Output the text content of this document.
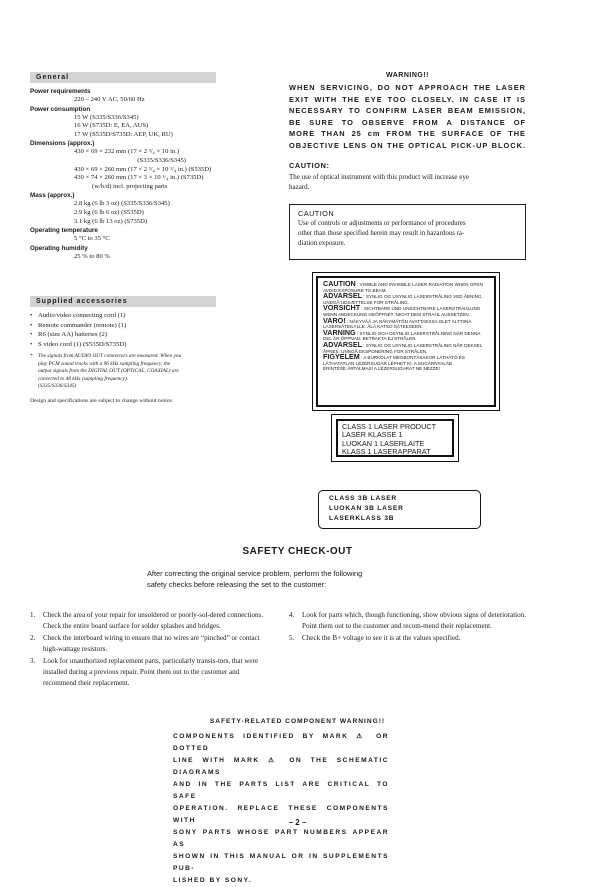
General
Power requirements
220 – 240 V AC, 50/60 Hz
Power consumption
15 W (S335/S336/S345)
16 W (S735D: E, EA, AUS)
17 W (S535D/S735D: AEP, UK, RU)
Dimensions (approx.)
430 × 69 × 232 mm (17 × 2 ³/₄ × 10 in.)
(S335/S336/S345)
430 × 69 × 260 mm (17 × 2 ³/₄ × 10 ¹/₄ in.) (S535D)
430 × 74 × 260 mm (17 × 3 × 10 ¹/₄ in.) (S735D)
(w/h/d) incl. projecting parts
Mass (approx.)
2.8 kg (6 lb 3 oz) (S335/S336/S345)
2.9 kg (6 lb 6 oz) (S535D)
3.1 kg (6 lb 13 oz) (S735D)
Operating temperature
5 °C to 35 °C
Operating humidity
25 % to 80 %
Supplied accessories
• Audio/video connecting cord (1)
• Remote commander (remote) (1)
• R6 (size AA) batteries (2)
• S video cord (1) (S535D/S735D)
* The signals from AUDIO OUT connectors are measured. When you
play PCM sound tracks with a 96 kHz sampling frequency, the
output signals from the DIGITAL OUT (OPTICAL, COAXIAL) are
converted to 48 kHz (sampling frequency).
(S335/S336/S345)
Design and specifications are subject to change without notice.
WARNING!!
WHEN SERVICING, DO NOT APPROACH THE LASER
EXIT WITH THE EYE TOO CLOSELY. IN CASE IT IS
NECESSARY TO CONFIRM LASER BEAM EMISSION,
BE SURE TO OBSERVE FROM A DISTANCE OF
MORE THAN 25 cm FROM THE SURFACE OF THE
OBJECTIVE LENS ON THE OPTICAL PICK-UP BLOCK.
CAUTION:
The use of optical instrument with this product will increase eye
hazard.
CAUTION
Use of controls or adjustments or performance of procedures
other than those specified herein may result in hazardous ra-
diation exposure.
CAUTION : VISIBLE AND INVISIBLE LASER RADIATION WHEN OPEN
AVOID EXPOSURE TO BEAM.
ADVARSEL : SYNLIG OG USYNLIG LASERSTRÅLING VED ÅBNING.
UNDGÅ UDSÆTTELSE FOR STRÅLING.
VORSICHT : SICHTBARE UND UNSICHTBARE LASERSTRAHLUNG
WENN ABDECKUNG GEÖFFNET. NICHT DEM STRAHL AUSSETZEN.
VARO! : NÄKYVÄÄ JA NÄKYMÄTÖN AVATTAESSA OLET ALTTIINA
LASERSÄTEILYLLE. ÄLÄ KATSO SÄTEESEEN.
VARNING : SYNLIG OCH OSYNLIG LASERSTRÅLNING NÄR DENNA
DEL ÄR ÖPPNAD. BETRAKTA EJ STRÅLEN.
ADVARSEL : SYNLIG OG USYNLIG LASERSTRÅLING NÅR DEKSEL
ÅPNES. UNNGÅ EKSPONERING FOR STRÅLEN.
FIGYELEM : A BURKOLAT MEGBONTÁSAKOR LÁTHATÓ ÉS
LÁTHATATLAN LÉZERSUGÁR LÉPHET KI. A SUGÁRNYALÁB
ÉRINTÉSE ÁRTALMAS! A LÉZERSUGARAT NE NÉZZE!
CLASS 1 LASER PRODUCT
LASER KLASSE 1
LUOKAN 1 LASERLAITE
KLASS 1 LASERAPPARAT
CLASS 3B LASER
LUOKAN 3B LASER
LASERKLASS 3B
SAFETY CHECK-OUT
After correcting the original service problem, perform the following
safety checks before releasing the set to the customer:
1. Check the area of your repair for unsoldered or poorly-sol-dered connections. Check the entire board surface for solder splashes and bridges.
2. Check the interboard wiring to ensure that no wires are “pinched” or contact high-wattage resistors.
3. Look for unauthorized replacement parts, particularly transis-tors, that were installed during a previous repair. Point them out to the customer and recommend their replacement.
4. Look for parts which, though functioning, show obvious signs of deterioration. Point them out to the customer and recom-mend their replacement.
5. Check the B+ voltage to see it is at the values specified.
SAFETY-RELATED COMPONENT WARNING!!
COMPONENTS IDENTIFIED BY MARK ⚠ OR DOTTED
LINE WITH MARK ⚠ ON THE SCHEMATIC DIAGRAMS
AND IN THE PARTS LIST ARE CRITICAL TO SAFE
OPERATION. REPLACE THESE COMPONENTS WITH
SONY PARTS WHOSE PART NUMBERS APPEAR AS
SHOWN IN THIS MANUAL OR IN SUPPLEMENTS PUB-
LISHED BY SONY.
– 2 –
